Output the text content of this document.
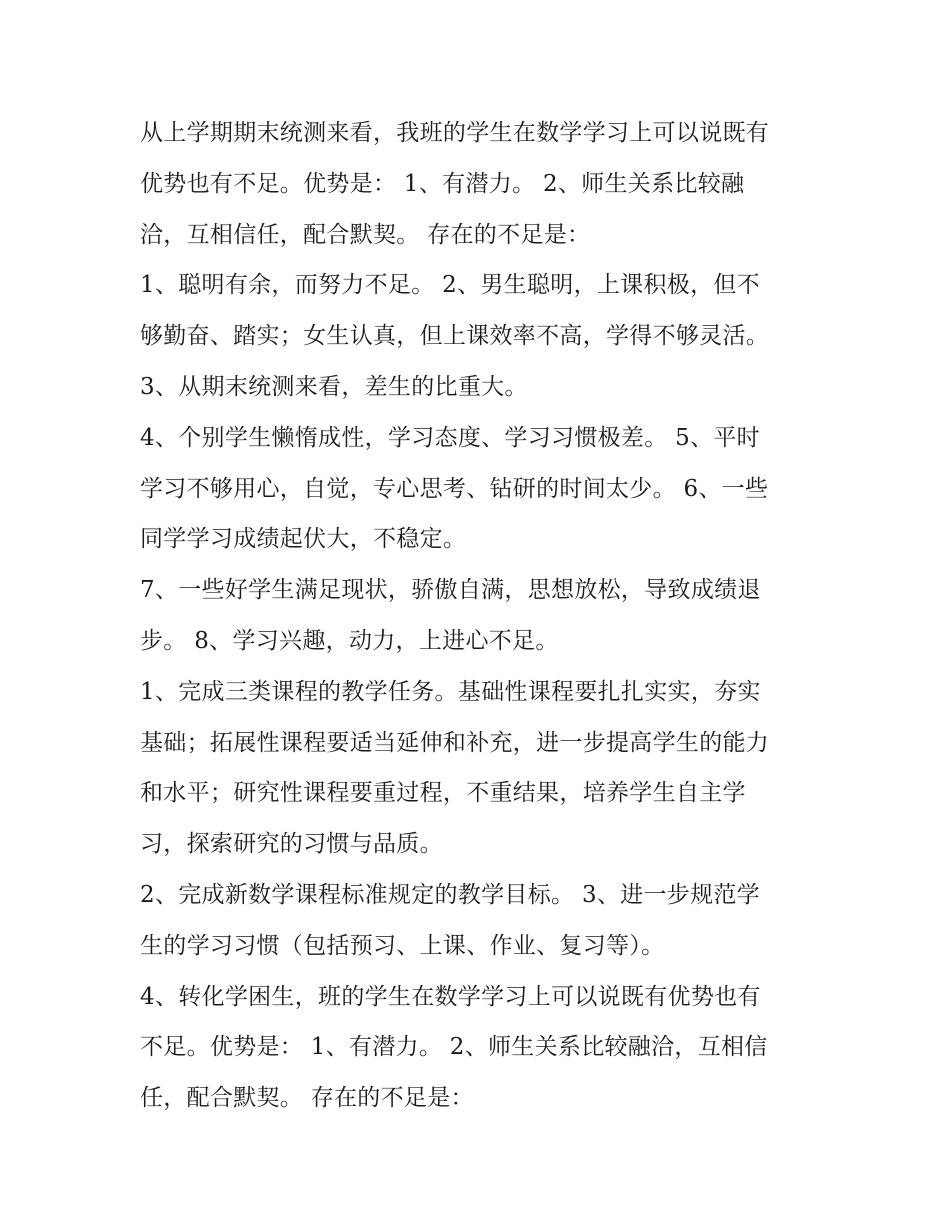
从上学期期末统测来看，我班的学生在数学学习上可以说既有
优势也有不足。优势是： 1、有潜力。 2、师生关系比较融
洽，互相信任，配合默契。 存在的不足是：
1、聪明有余，而努力不足。 2、男生聪明，上课积极，但不
够勤奋、踏实；女生认真，但上课效率不高，学得不够灵活。
3、从期末统测来看，差生的比重大。
4、个别学生懒惰成性，学习态度、学习习惯极差。 5、平时
学习不够用心，自觉，专心思考、钻研的时间太少。 6、一些
同学学习成绩起伏大，不稳定。
7、一些好学生满足现状，骄傲自满，思想放松，导致成绩退
步。 8、学习兴趣，动力，上进心不足。
1、完成三类课程的教学任务。基础性课程要扎扎实实，夯实
基础；拓展性课程要适当延伸和补充，进一步提高学生的能力
和水平；研究性课程要重过程，不重结果，培养学生自主学
习，探索研究的习惯与品质。
2、完成新数学课程标准规定的教学目标。 3、进一步规范学
生的学习习惯（包括预习、上课、作业、复习等）。
4、转化学困生，班的学生在数学学习上可以说既有优势也有
不足。优势是： 1、有潜力。 2、师生关系比较融洽，互相信
任，配合默契。 存在的不足是：
